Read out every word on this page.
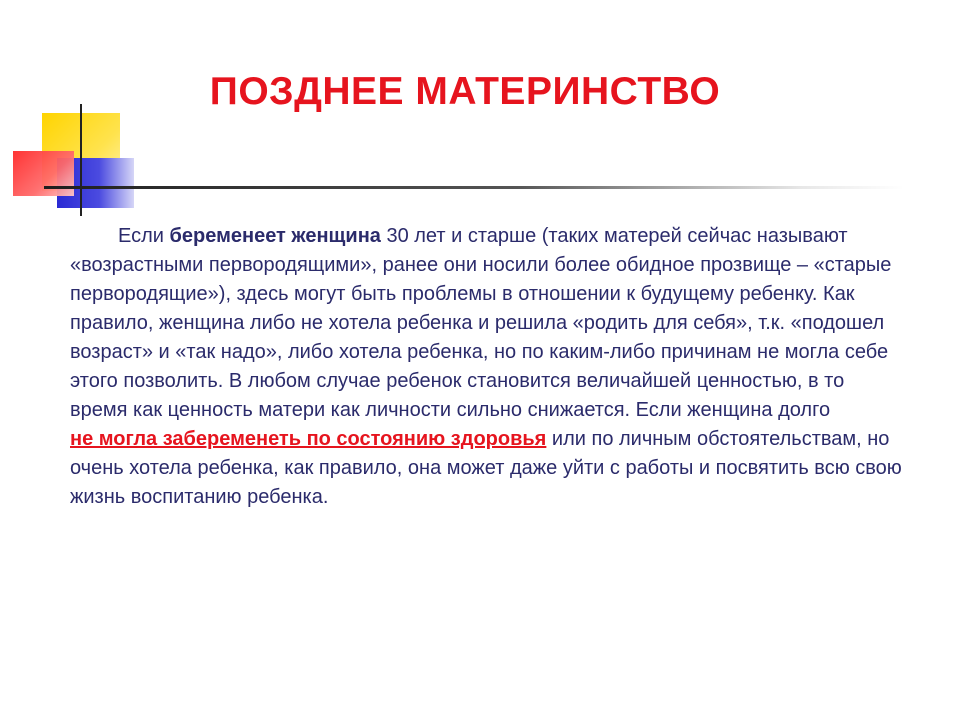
ПОЗДНЕЕ МАТЕРИНСТВО

Если беременеет женщина 30 лет и старше (таких матерей сейчас называют «возрастными первородящими», ранее они носили более обидное прозвище – «старые первородящие»), здесь могут быть проблемы в отношении к будущему ребенку. Как правило, женщина либо не хотела ребенка и решила «родить для себя», т.к. «подошел возраст» и «так надо», либо хотела ребенка, но по каким-либо причинам не могла себе этого позволить. В любом случае ребенок становится величайшей ценностью, в то время как ценность матери как личности сильно снижается. Если женщина долго
не могла забеременеть по состоянию здоровья или по личным обстоятельствам, но очень хотела ребенка, как правило, она может даже уйти с работы и посвятить всю свою жизнь воспитанию ребенка.
